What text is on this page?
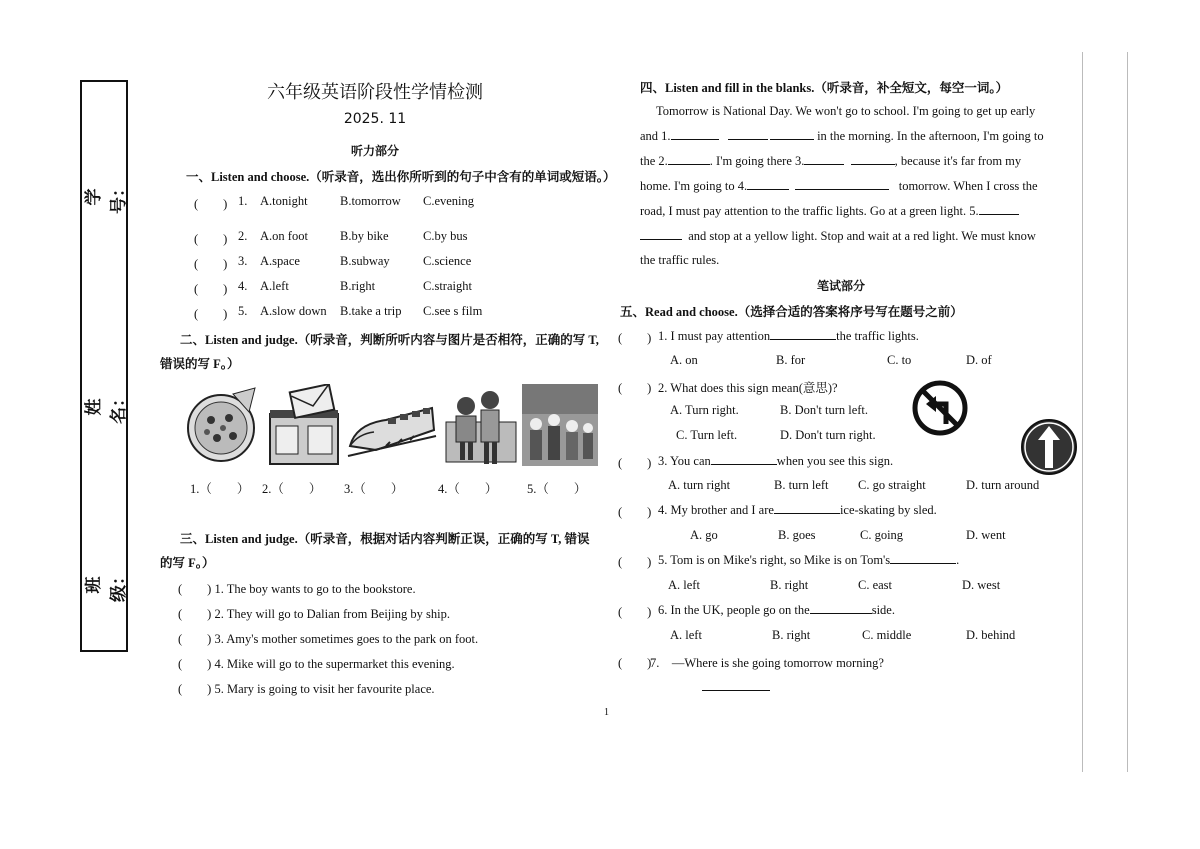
学号：
姓名：
班级：
六年级英语阶段性学情检测
2025. 11
听力部分
一、Listen and choose.（听录音，选出你所听到的句子中含有的单词或短语。）
(　　) 1. A.tonight	B.tomorrow C.evening
(　　) 2. A.on foot	B.by bike	C.by bus
(　　) 3. A.space	B.subway	C.science
(　　) 4. A.left	B.right	C.straight
(　　) 5. A.slow down B.take a trip C.see s film
二、Listen and judge.（听录音，判断所听内容与图片是否相符，正确的写 T,
错误的写 F。）
1.（　　） 2.（　　） 3.（　　）	4.（　　） 5.（　　）
三、Listen and judge.（听录音，根据对话内容判断正误，正确的写 T, 错误
的写 F。）
(　　) 1. The boy wants to go to the bookstore.
(　　) 2. They will go to Dalian from Beijing by ship.
(　　) 3. Amy's mother sometimes goes to the park on foot.
(　　) 4. Mike will go to the supermarket this evening.
(　　) 5. Mary is going to visit her favourite place.
四、Listen and fill in the blanks.（听录音，补全短文，每空一词。）
Tomorrow is National Day. We won't go to school. I'm going to get up early
and 1.	in the morning. In the afternoon, I'm going to
the 2.	. I'm going there 3.	, because it's far from my
home. I'm going to 4.	tomorrow. When I cross the
road, I must pay attention to the traffic lights. Go at a green light. 5.
and stop at a yellow light. Stop and wait at a red light. We must know
the traffic rules.
笔试部分
五、Read and choose.（选择合适的答案将序号写在题号之前）
(　　) 1. I must pay attention	the traffic lights.
A. on	B. for	C. to	D. of
(　　) 2. What does this sign mean(意思)?
A. Turn right.	B. Don't turn left.
C. Turn left.	D. Don't turn right.
(　　) 3. You can	when you see this sign.
A. turn right	B. turn left C. go straight	D. turn around
(　　) 4. My brother and I are	ice-skating by sled.
A. go	B. goes	C. going	D. went
(　　) 5. Tom is on Mike's right, so Mike is on Tom's	.
A. left	B. right	C. east	D. west
(　　) 6. In the UK, people go on the	side.
A. left	B. right	C. middle	D. behind
(　　)
7.　—Where is she going tomorrow morning?
1
